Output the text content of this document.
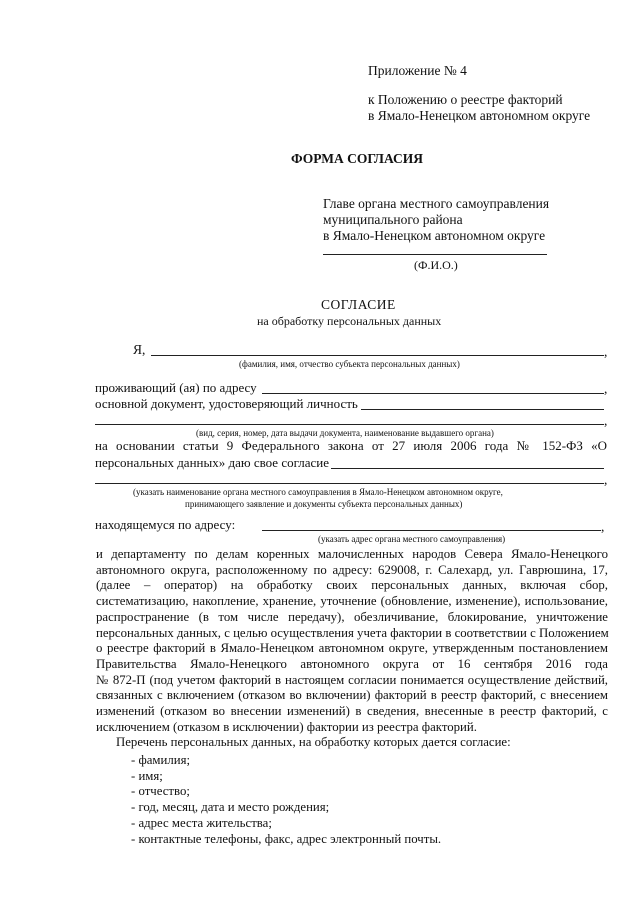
Приложение № 4
к Положению о реестре факторий
в Ямало-Ненецком автономном округе
ФОРМА СОГЛАСИЯ
Главе органа местного самоуправления
муниципального района
в Ямало-Ненецком автономном округе
(Ф.И.О.)
СОГЛАСИЕ
на обработку персональных данных
Я,	,
(фамилия, имя, отчество субъекта персональных данных)
проживающий (ая) по адресу	,
основной документ, удостоверяющий личность
,
(вид, серия, номер, дата выдачи документа, наименование выдавшего органа)
на основании статьи 9 Федерального закона от 27 июля 2006 года № 152-ФЗ «О
персональных данных» даю свое согласие
,
(указать наименование органа местного самоуправления в Ямало-Ненецком автономном округе,
принимающего заявление и документы субъекта персональных данных)
находящемуся по адресу:	,
(указать адрес органа местного самоуправления)
и департаменту по делам коренных малочисленных народов Севера Ямало-Ненецкого
автономного округа, расположенному по адресу: 629008, г. Салехард, ул. Гаврюшина, 17,
(далее – оператор) на обработку своих персональных данных, включая сбор,
систематизацию, накопление, хранение, уточнение (обновление, изменение), использование,
распространение (в том числе передачу), обезличивание, блокирование, уничтожение
персональных данных, с целью осуществления учета фактории в соответствии с Положением
о реестре факторий в Ямало-Ненецком автономном округе, утвержденным постановлением
Правительства Ямало-Ненецкого автономного округа от 16 сентября 2016 года
№ 872-П (под учетом факторий в настоящем согласии понимается осуществление действий,
связанных с включением (отказом во включении) факторий в реестр факторий, с внесением
изменений (отказом во внесении изменений) в сведения, внесенные в реестр факторий, с
исключением (отказом в исключении) фактории из реестра факторий.
Перечень персональных данных, на обработку которых дается согласие:
- фамилия;
- имя;
- отчество;
- год, месяц, дата и место рождения;
- адрес места жительства;
- контактные телефоны, факс, адрес электронный почты.
